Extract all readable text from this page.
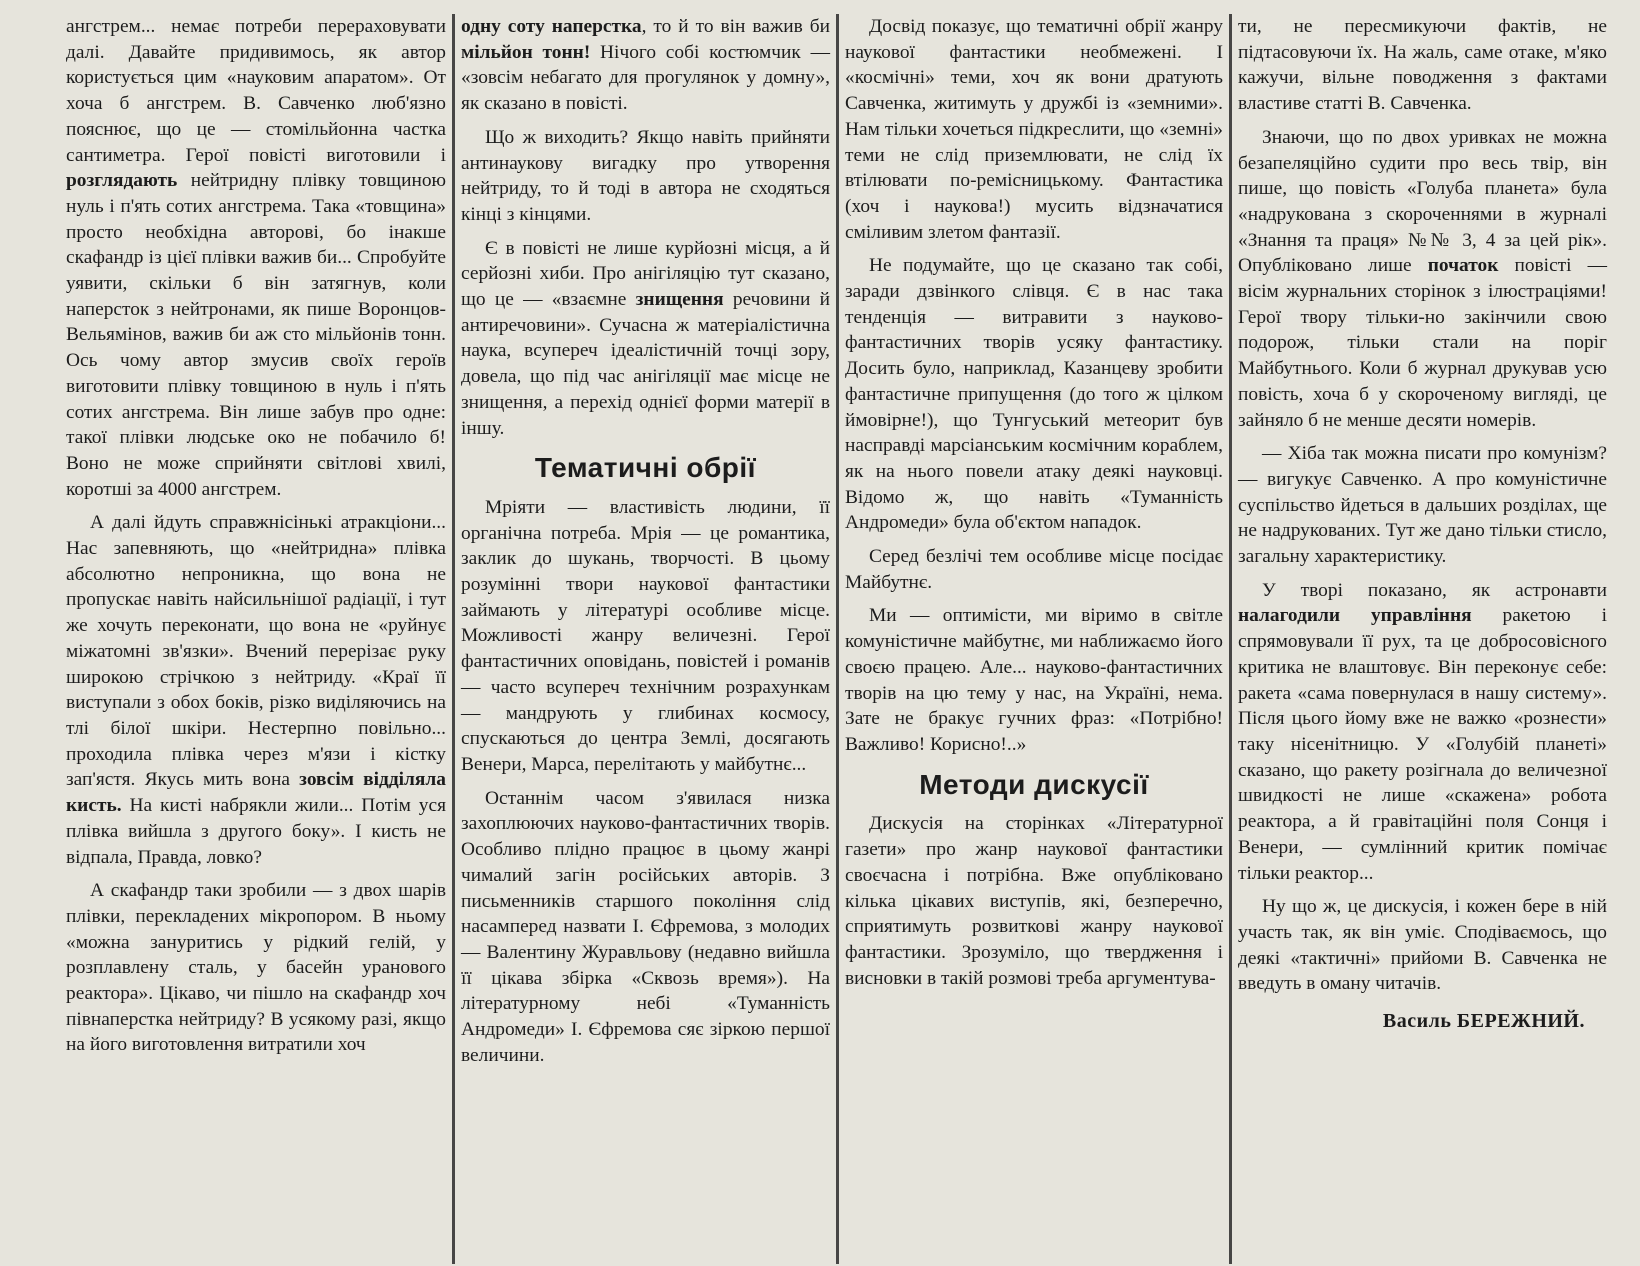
ангстрем... немає потреби перераховувати далі. Давайте придивимось, як автор користується цим «науковим апаратом». От хоча б ангстрем. В. Савченко люб'язно пояснює, що це — стомільйонна частка сантиметра. Герої повісті виготовили і розглядають нейтридну плівку товщиною нуль і п'ять сотих ангстрема. Така «товщина» просто необхідна авторові, бо інакше скафандр із цієї плівки важив би... Спробуйте уявити, скільки б він затягнув, коли наперсток з нейтронами, як пише Воронцов-Вельямінов, важив би аж сто мільйонів тонн. Ось чому автор змусив своїх героїв виготовити плівку товщиною в нуль і п'ять сотих ангстрема. Він лише забув про одне: такої плівки людське око не побачило б! Воно не може сприйняти світлові хвилі, коротші за 4000 ангстрем.

А далі йдуть справжнісінькі атракціони... Нас запевняють, що «нейтридна» плівка абсолютно непроникна, що вона не пропускає навіть найсильнішої радіації, і тут же хочуть переконати, що вона не «руйнує міжатомні зв'язки». Вчений перерізає руку широкою стрічкою з нейтриду. «Краї її виступали з обох боків, різко виділяючись на тлі білої шкіри. Нестерпно повільно... проходила плівка через м'язи і кістку зап'ястя. Якусь мить вона зовсім відділяла кисть. На кисті набрякли жили... Потім уся плівка вийшла з другого боку». І кисть не відпала, Правда, ловко?

А скафандр таки зробили — з двох шарів плівки, перекладених мікропором. В ньому «можна зануритись у рідкий гелій, у розплавлену сталь, у басейн уранового реактора». Цікаво, чи пішло на скафандр хоч півнаперстка нейтриду? В усякому разі, якщо на його виготовлення витратили хоч

одну соту наперстка, то й то він важив би мільйон тонн! Нічого собі костюмчик — «зовсім небагато для прогулянок у домну», як сказано в повісті.

Що ж виходить? Якщо навіть прийняти антинаукову вигадку про утворення нейтриду, то й тоді в автора не сходяться кінці з кінцями.

Є в повісті не лише курйозні місця, а й серйозні хиби. Про анігіляцію тут сказано, що це — «взаємне знищення речовини й антиречовини». Сучасна ж матеріалістична наука, всупереч ідеалістичній точці зору, довела, що під час анігіляції має місце не знищення, а перехід однієї форми матерії в іншу.

Тематичні обрії

Мріяти — властивість людини, її органічна потреба. Мрія — це романтика, заклик до шукань, творчості. В цьому розумінні твори наукової фантастики займають у літературі особливе місце. Можливості жанру величезні. Герої фантастичних оповідань, повістей і романів — часто всупереч технічним розрахункам — мандрують у глибинах космосу, спускаються до центра Землі, досягають Венери, Марса, перелітають у майбутнє...

Останнім часом з'явилася низка захоплюючих науково-фантастичних творів. Особливо плідно працює в цьому жанрі чималий загін російських авторів. З письменників старшого покоління слід насамперед назвати І. Єфремова, з молодих — Валентину Журавльову (недавно вийшла її цікава збірка «Сквозь время»). На літературному небі «Туманність Андромеди» І. Єфремова сяє зіркою першої величини.

Досвід показує, що тематичні обрії жанру наукової фантастики необмежені. І «космічні» теми, хоч як вони дратують Савченка, житимуть у дружбі із «земними». Нам тільки хочеться підкреслити, що «земні» теми не слід приземлювати, не слід їх втілювати по-ремісницькому. Фантастика (хоч і наукова!) мусить відзначатися сміливим злетом фантазії.

Не подумайте, що це сказано так собі, заради дзвінкого слівця. Є в нас така тенденція — витравити з науково-фантастичних творів усяку фантастику. Досить було, наприклад, Казанцеву зробити фантастичне припущення (до того ж цілком ймовірне!), що Тунгуський метеорит був насправді марсіанським космічним кораблем, як на нього повели атаку деякі науковці. Відомо ж, що навіть «Туманність Андромеди» була об'єктом нападок.

Серед безлічі тем особливе місце посідає Майбутнє.

Ми — оптимісти, ми віримо в світле комуністичне майбутнє, ми наближаємо його своєю працею. Але... науково-фантастичних творів на цю тему у нас, на Україні, нема. Зате не бракує гучних фраз: «Потрібно! Важливо! Корисно!..»

Методи дискусії

Дискусія на сторінках «Літературної газети» про жанр наукової фантастики своєчасна і потрібна. Вже опубліковано кілька цікавих виступів, які, безперечно, сприятимуть розвиткові жанру наукової фантастики. Зрозуміло, що твердження і висновки в такій розмові треба аргументува-

ти, не пересмикуючи фактів, не підтасовуючи їх. На жаль, саме отаке, м'яко кажучи, вільне поводження з фактами властиве статті В. Савченка.

Знаючи, що по двох уривках не можна безапеляційно судити про весь твір, він пише, що повість «Голуба планета» була «надрукована з скороченнями в журналі «Знання та праця» №№ 3, 4 за цей рік». Опубліковано лише початок повісті — вісім журнальних сторінок з ілюстраціями! Герої твору тільки-но закінчили свою подорож, тільки стали на поріг Майбутнього. Коли б журнал друкував усю повість, хоча б у скороченому вигляді, це зайняло б не менше десяти номерів.

— Хіба так можна писати про комунізм? — вигукує Савченко. А про комуністичне суспільство йдеться в дальших розділах, ще не надрукованих. Тут же дано тільки стисло, загальну характеристику.

У творі показано, як астронавти налагодили управління ракетою і спрямовували її рух, та це добросовісного критика не влаштовує. Він переконує себе: ракета «сама повернулася в нашу систему». Після цього йому вже не важко «рознести» таку нісенітницю. У «Голубій планеті» сказано, що ракету розігнала до величезної швидкості не лише «скажена» робота реактора, а й гравітаційні поля Сонця і Венери, — сумлінний критик помічає тільки реактор...

Ну що ж, це дискусія, і кожен бере в ній участь так, як він уміє. Сподіваємось, що деякі «тактичні» прийоми В. Савченка не введуть в оману читачів.

Василь БЕРЕЖНИЙ.
